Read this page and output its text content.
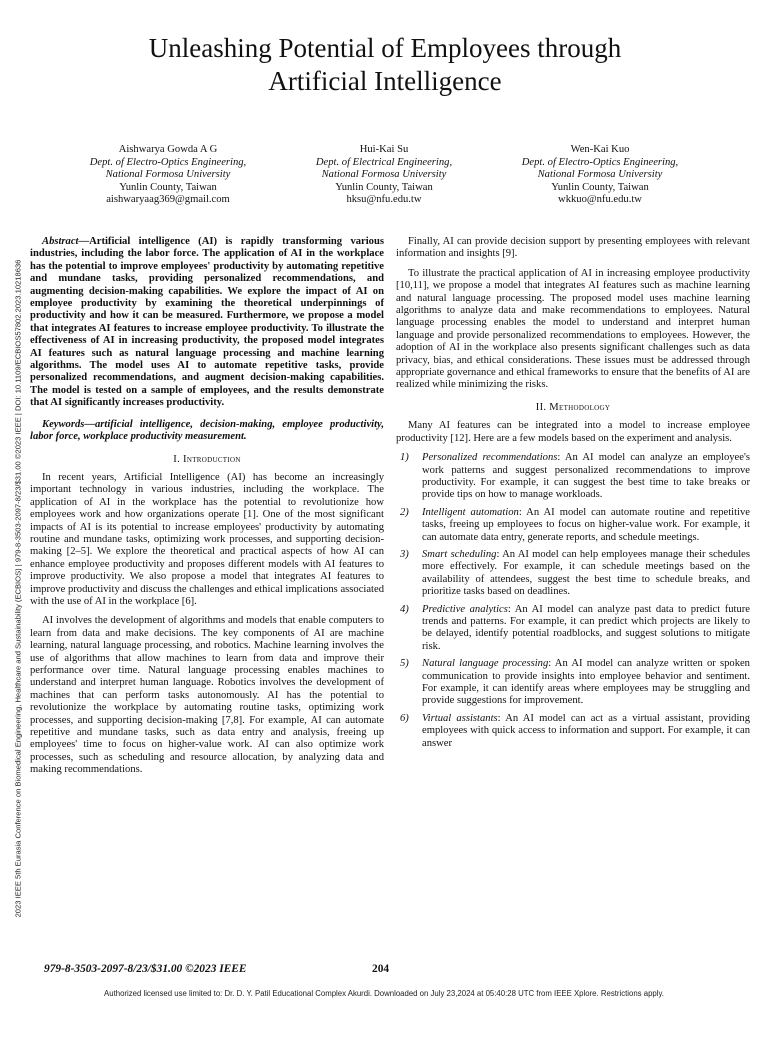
2023 IEEE 5th Eurasia Conference on Biomedical Engineering, Healthcare and Sustainability (ECBIOS) | 979-8-3503-2097-8/23/$31.00 ©2023 IEEE | DOI: 10.1109/ECBIOS57802.2023.10218636
Unleashing Potential of Employees through
Artificial Intelligence
Aishwarya Gowda A G
Dept. of Electro-Optics Engineering,
National Formosa University
Yunlin County, Taiwan
aishwaryaag369@gmail.com
Hui-Kai Su
Dept. of Electrical Engineering,
National Formosa University
Yunlin County, Taiwan
hksu@nfu.edu.tw
Wen-Kai Kuo
Dept. of Electro-Optics Engineering,
National Formosa University
Yunlin County, Taiwan
wkkuo@nfu.edu.tw

Abstract—Artificial intelligence (AI) is rapidly transforming various industries, including the labor force. The application of AI in the workplace has the potential to improve employees' productivity by automating repetitive and mundane tasks, providing personalized recommendations, and augmenting decision-making capabilities. We explore the impact of AI on employee productivity by examining the theoretical underpinnings of productivity and how it can be measured. Furthermore, we propose a model that integrates AI features to increase employee productivity. To illustrate the effectiveness of AI in increasing productivity, the proposed model integrates AI features such as natural language processing and machine learning algorithms. The model uses AI to automate repetitive tasks, provide personalized recommendations, and augment decision-making capabilities. The model is tested on a sample of employees, and the results demonstrate that AI significantly increases productivity.

Keywords—artificial intelligence, decision-making, employee productivity, labor force, workplace productivity measurement.

I. Introduction

In recent years, Artificial Intelligence (AI) has become an increasingly important technology in various industries, including the workplace. The application of AI in the workplace has the potential to revolutionize how employees work and how organizations operate [1]. One of the most significant impacts of AI is its potential to increase employees' productivity by automating routine and mundane tasks, optimizing work processes, and supporting decision-making [2–5]. We explore the theoretical and practical aspects of how AI can enhance employee productivity and proposes different models with AI features to improve productivity. We also propose a model that integrates AI features to improve productivity and discuss the challenges and ethical implications associated with the use of AI in the workplace [6].

AI involves the development of algorithms and models that enable computers to learn from data and make decisions. The key components of AI are machine learning, natural language processing, and robotics. Machine learning involves the use of algorithms that allow machines to learn from data and improve their performance over time. Natural language processing enables machines to understand and interpret human language. Robotics involves the development of machines that can perform tasks autonomously. AI has the potential to revolutionize the workplace by automating routine tasks, optimizing work processes, and supporting decision-making [7,8]. For example, AI can automate repetitive and mundane tasks, such as data entry and analysis, freeing up employees' time to focus on higher-value work. AI can also optimize work processes, such as scheduling and resource allocation, by analyzing data and making recommendations.

Finally, AI can provide decision support by presenting employees with relevant information and insights [9].

To illustrate the practical application of AI in increasing employee productivity [10,11], we propose a model that integrates AI features such as machine learning and natural language processing. The proposed model uses machine learning algorithms to analyze data and make recommendations to employees. Natural language processing enables the model to understand and interpret human language and provide personalized recommendations to employees. However, the adoption of AI in the workplace also presents significant challenges such as data privacy, bias, and ethical considerations. These issues must be addressed through appropriate governance and ethical frameworks to ensure that the benefits of AI are realized while minimizing the risks.

II. Methodology

Many AI features can be integrated into a model to increase employee productivity [12]. Here are a few models based on the experiment and analysis.

1) Personalized recommendations: An AI model can analyze an employee's work patterns and suggest personalized recommendations to improve productivity. For example, it can suggest the best time to take breaks or provide tips on how to manage workloads.
2) Intelligent automation: An AI model can automate routine and repetitive tasks, freeing up employees to focus on higher-value work. For example, it can automate data entry, generate reports, and schedule meetings.
3) Smart scheduling: An AI model can help employees manage their schedules more effectively. For example, it can schedule meetings based on the availability of attendees, suggest the best time to schedule breaks, and prioritize tasks based on deadlines.
4) Predictive analytics: An AI model can analyze past data to predict future trends and patterns. For example, it can predict which projects are likely to be delayed, identify potential roadblocks, and suggest solutions to mitigate risk.
5) Natural language processing: An AI model can analyze written or spoken communication to provide insights into employee behavior and sentiment. For example, it can identify areas where employees may be struggling and provide suggestions for improvement.
6) Virtual assistants: An AI model can act as a virtual assistant, providing employees with quick access to information and support. For example, it can answer
979-8-3503-2097-8/23/$31.00 ©2023 IEEE	204
Authorized licensed use limited to: Dr. D. Y. Patil Educational Complex Akurdi. Downloaded on July 23,2024 at 05:40:28 UTC from IEEE Xplore. Restrictions apply.
